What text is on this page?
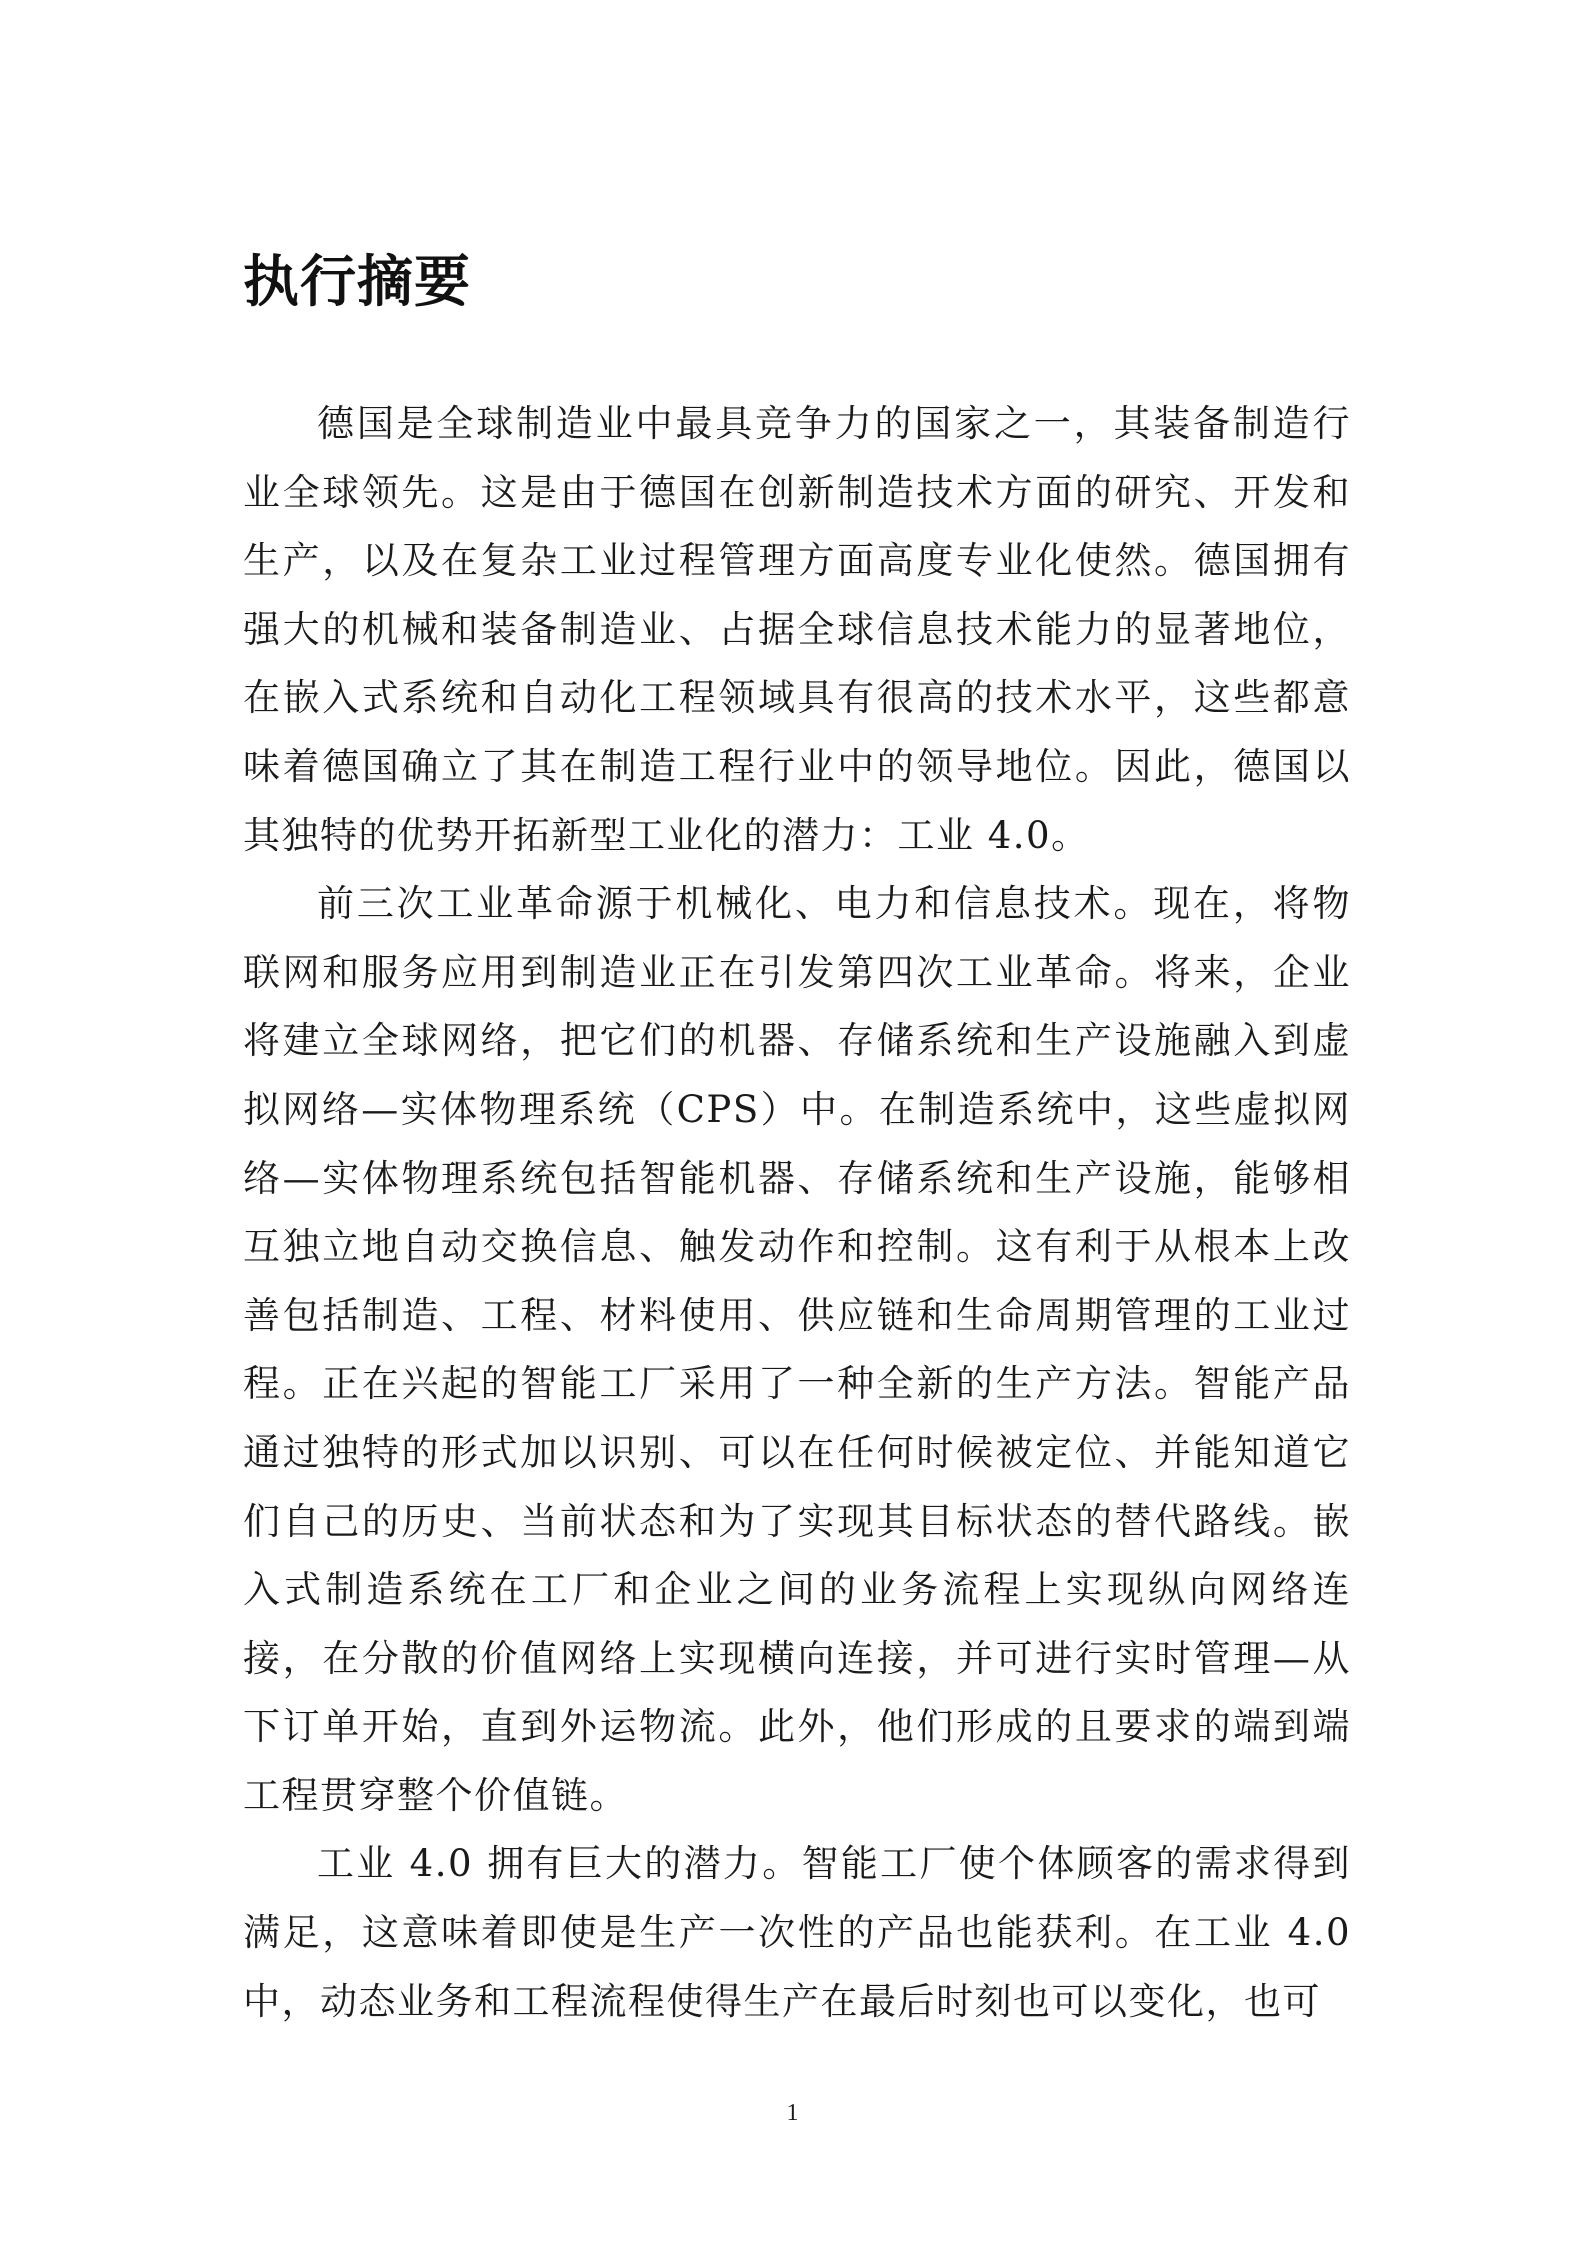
执行摘要

德国是全球制造业中最具竞争力的国家之一，其装备制造行业全球领先。这是由于德国在创新制造技术方面的研究、开发和生产，以及在复杂工业过程管理方面高度专业化使然。德国拥有强大的机械和装备制造业、占据全球信息技术能力的显著地位，在嵌入式系统和自动化工程领域具有很高的技术水平，这些都意味着德国确立了其在制造工程行业中的领导地位。因此，德国以其独特的优势开拓新型工业化的潜力：工业 4.0。

前三次工业革命源于机械化、电力和信息技术。现在，将物联网和服务应用到制造业正在引发第四次工业革命。将来，企业将建立全球网络，把它们的机器、存储系统和生产设施融入到虚拟网络—实体物理系统（CPS）中。在制造系统中，这些虚拟网络—实体物理系统包括智能机器、存储系统和生产设施，能够相互独立地自动交换信息、触发动作和控制。这有利于从根本上改善包括制造、工程、材料使用、供应链和生命周期管理的工业过程。正在兴起的智能工厂采用了一种全新的生产方法。智能产品通过独特的形式加以识别、可以在任何时候被定位、并能知道它们自己的历史、当前状态和为了实现其目标状态的替代路线。嵌入式制造系统在工厂和企业之间的业务流程上实现纵向网络连接，在分散的价值网络上实现横向连接，并可进行实时管理—从下订单开始，直到外运物流。此外，他们形成的且要求的端到端工程贯穿整个价值链。

工业 4.0 拥有巨大的潜力。智能工厂使个体顾客的需求得到满足，这意味着即使是生产一次性的产品也能获利。在工业 4.0 中，动态业务和工程流程使得生产在最后时刻也可以变化，也可

1
